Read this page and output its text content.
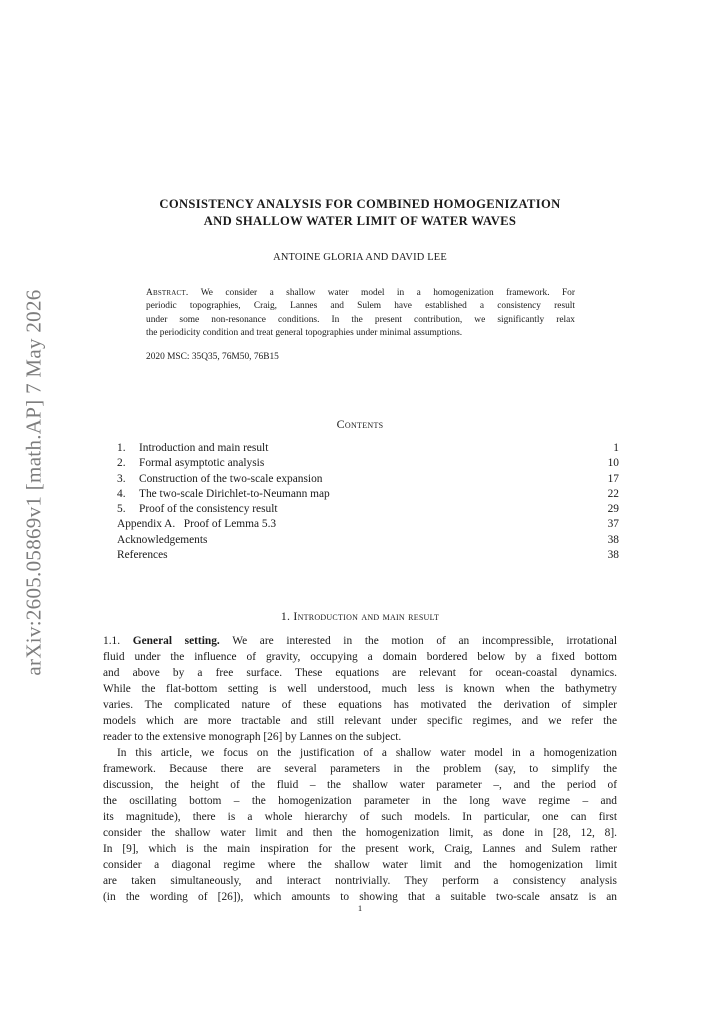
arXiv:2605.05869v1 [math.AP] 7 May 2026
CONSISTENCY ANALYSIS FOR COMBINED HOMOGENIZATION
AND SHALLOW WATER LIMIT OF WATER WAVES
ANTOINE GLORIA AND DAVID LEE

Abstract. We consider a shallow water model in a homogenization framework. For
periodic topographies, Craig, Lannes and Sulem have established a consistency result
under some non-resonance conditions. In the present contribution, we significantly relax
the periodicity condition and treat general topographies under minimal assumptions.

2020 MSC: 35Q35, 76M50, 76B15
Contents
1. Introduction and main result	1
2. Formal asymptotic analysis	10
3. Construction of the two-scale expansion	17
4. The two-scale Dirichlet-to-Neumann map	22
5. Proof of the consistency result	29
Appendix A.   Proof of Lemma 5.3	37
Acknowledgements	38
References	38
1. Introduction and main result
1.1. General setting. We are interested in the motion of an incompressible, irrotational
fluid under the influence of gravity, occupying a domain bordered below by a fixed bottom
and above by a free surface. These equations are relevant for ocean-coastal dynamics.
While the flat-bottom setting is well understood, much less is known when the bathymetry
varies. The complicated nature of these equations has motivated the derivation of simpler
models which are more tractable and still relevant under specific regimes, and we refer the
reader to the extensive monograph [26] by Lannes on the subject.
In this article, we focus on the justification of a shallow water model in a homogenization
framework. Because there are several parameters in the problem (say, to simplify the
discussion, the height of the fluid – the shallow water parameter –, and the period of
the oscillating bottom – the homogenization parameter in the long wave regime – and
its magnitude), there is a whole hierarchy of such models. In particular, one can first
consider the shallow water limit and then the homogenization limit, as done in [28, 12, 8].
In [9], which is the main inspiration for the present work, Craig, Lannes and Sulem rather
consider a diagonal regime where the shallow water limit and the homogenization limit
are taken simultaneously, and interact nontrivially. They perform a consistency analysis
(in the wording of [26]), which amounts to showing that a suitable two-scale ansatz is an
1
